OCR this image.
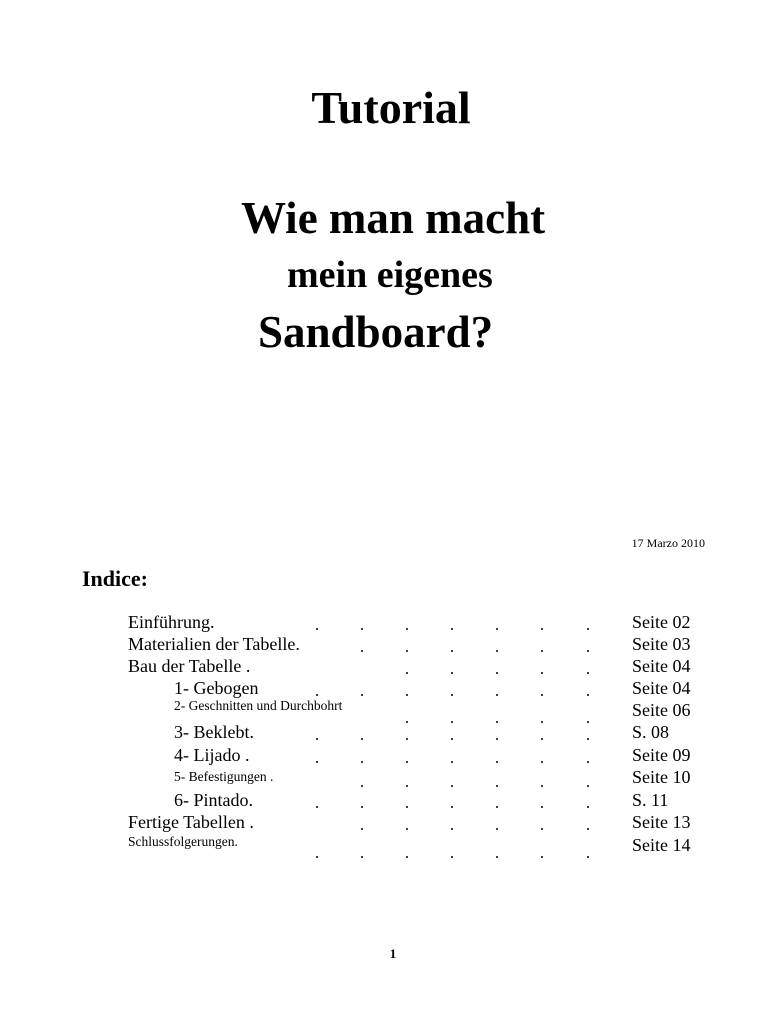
Tutorial
Wie man macht
mein eigenes
Sandboard?
17 Marzo 2010
Indice:
Einführung.	Seite 02
Materialien der Tabelle.	Seite 03
Bau der Tabelle .	Seite 04
1- Gebogen	Seite 04
2- Geschnitten und Durchbohrt	Seite 06
3- Beklebt.	S. 08
4- Lijado .	Seite 09
5- Befestigungen .	Seite 10
6- Pintado.	S. 11
Fertige Tabellen .	Seite 13
Schlussfolgerungen.	Seite 14
1
